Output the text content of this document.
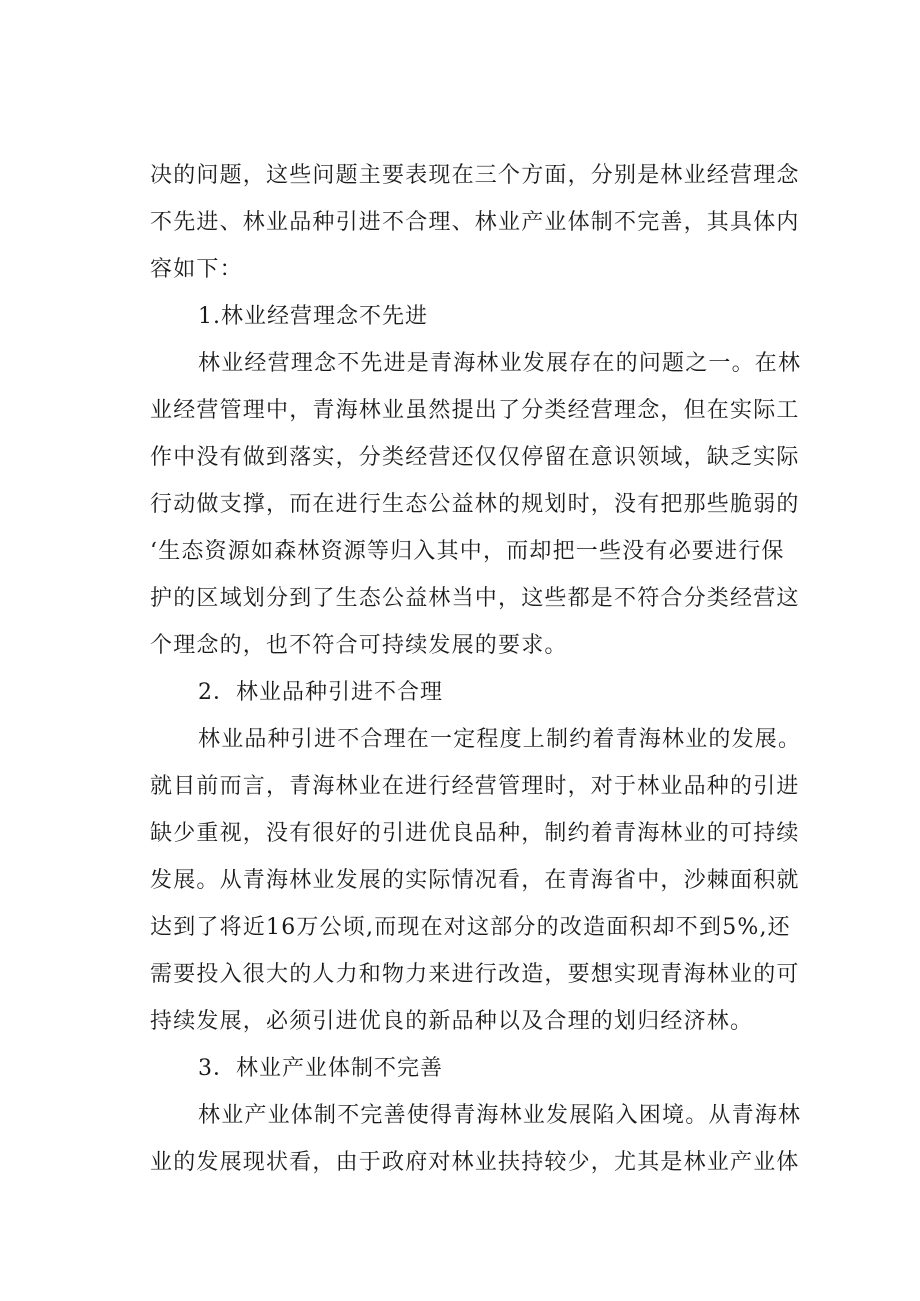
决的问题，这些问题主要表现在三个方面，分别是林业经营理念
不先进、林业品种引进不合理、林业产业体制不完善，其具体内
容如下：
1.林业经营理念不先进
林业经营理念不先进是青海林业发展存在的问题之一。在林
业经营管理中，青海林业虽然提出了分类经营理念，但在实际工
作中没有做到落实，分类经营还仅仅停留在意识领域，缺乏实际
行动做支撑，而在进行生态公益林的规划时，没有把那些脆弱的
‘生态资源如森林资源等归入其中，而却把一些没有必要进行保
护的区域划分到了生态公益林当中，这些都是不符合分类经营这
个理念的，也不符合可持续发展的要求。
2．林业品种引进不合理
林业品种引进不合理在一定程度上制约着青海林业的发展。
就目前而言，青海林业在进行经营管理时，对于林业品种的引进
缺少重视，没有很好的引进优良品种，制约着青海林业的可持续
发展。从青海林业发展的实际情况看，在青海省中，沙棘面积就
达到了将近16万公顷,而现在对这部分的改造面积却不到5%,还
需要投入很大的人力和物力来进行改造，要想实现青海林业的可
持续发展，必须引进优良的新品种以及合理的划归经济林。
3．林业产业体制不完善
林业产业体制不完善使得青海林业发展陷入困境。从青海林
业的发展现状看，由于政府对林业扶持较少，尤其是林业产业体
